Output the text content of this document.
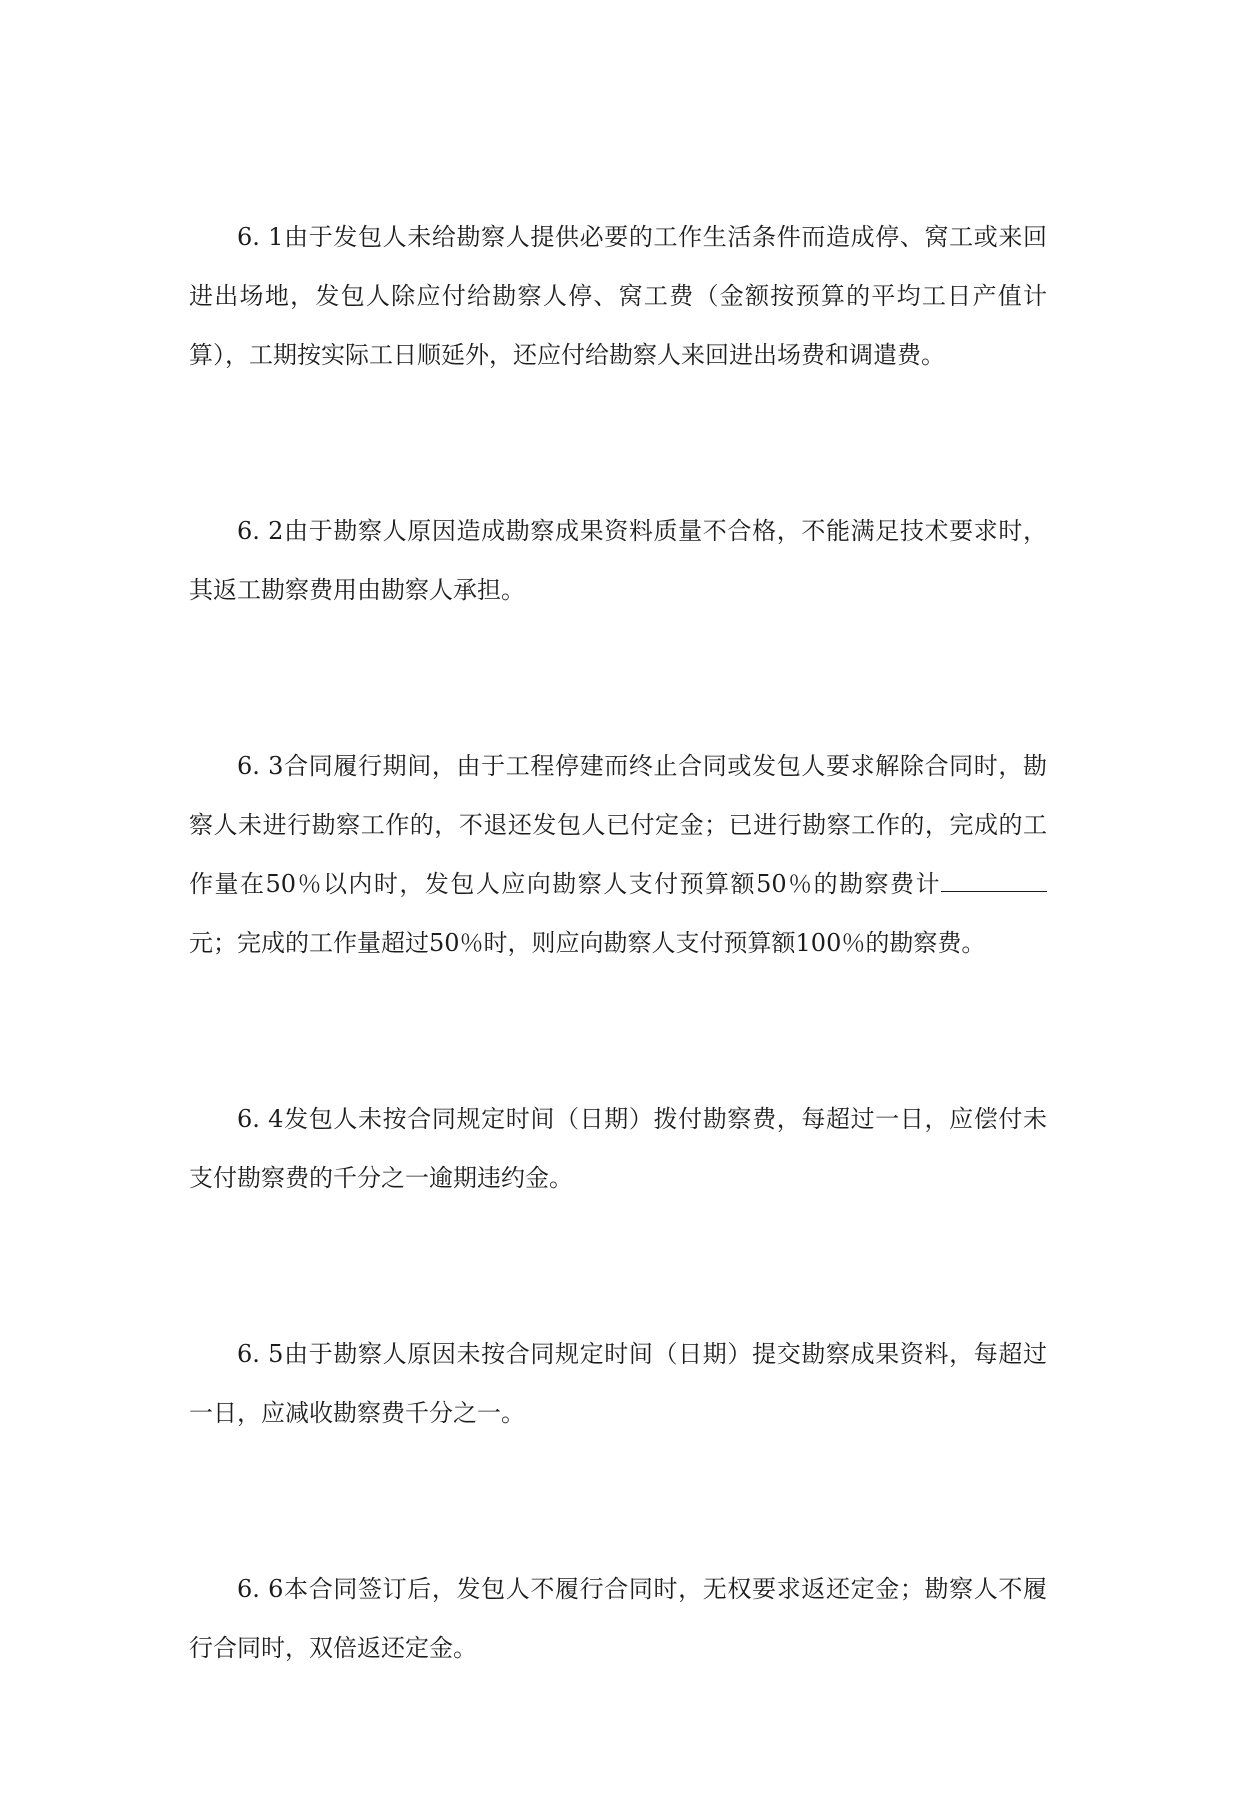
6. 1由于发包人未给勘察人提供必要的工作生活条件而造成停、窝工或来回进出场地，发包人除应付给勘察人停、窝工费（金额按预算的平均工日产值计算），工期按实际工日顺延外，还应付给勘察人来回进出场费和调遣费。

6. 2由于勘察人原因造成勘察成果资料质量不合格，不能满足技术要求时，其返工勘察费用由勘察人承担。

6. 3合同履行期间，由于工程停建而终止合同或发包人要求解除合同时，勘察人未进行勘察工作的，不退还发包人已付定金；已进行勘察工作的，完成的工作量在50％以内时，发包人应向勘察人支付预算额50％的勘察费计元；完成的工作量超过50％时，则应向勘察人支付预算额100％的勘察费。

6. 4发包人未按合同规定时间（日期）拨付勘察费，每超过一日，应偿付未支付勘察费的千分之一逾期违约金。

6. 5由于勘察人原因未按合同规定时间（日期）提交勘察成果资料，每超过一日，应减收勘察费千分之一。

6. 6本合同签订后，发包人不履行合同时，无权要求返还定金；勘察人不履行合同时，双倍返还定金。
